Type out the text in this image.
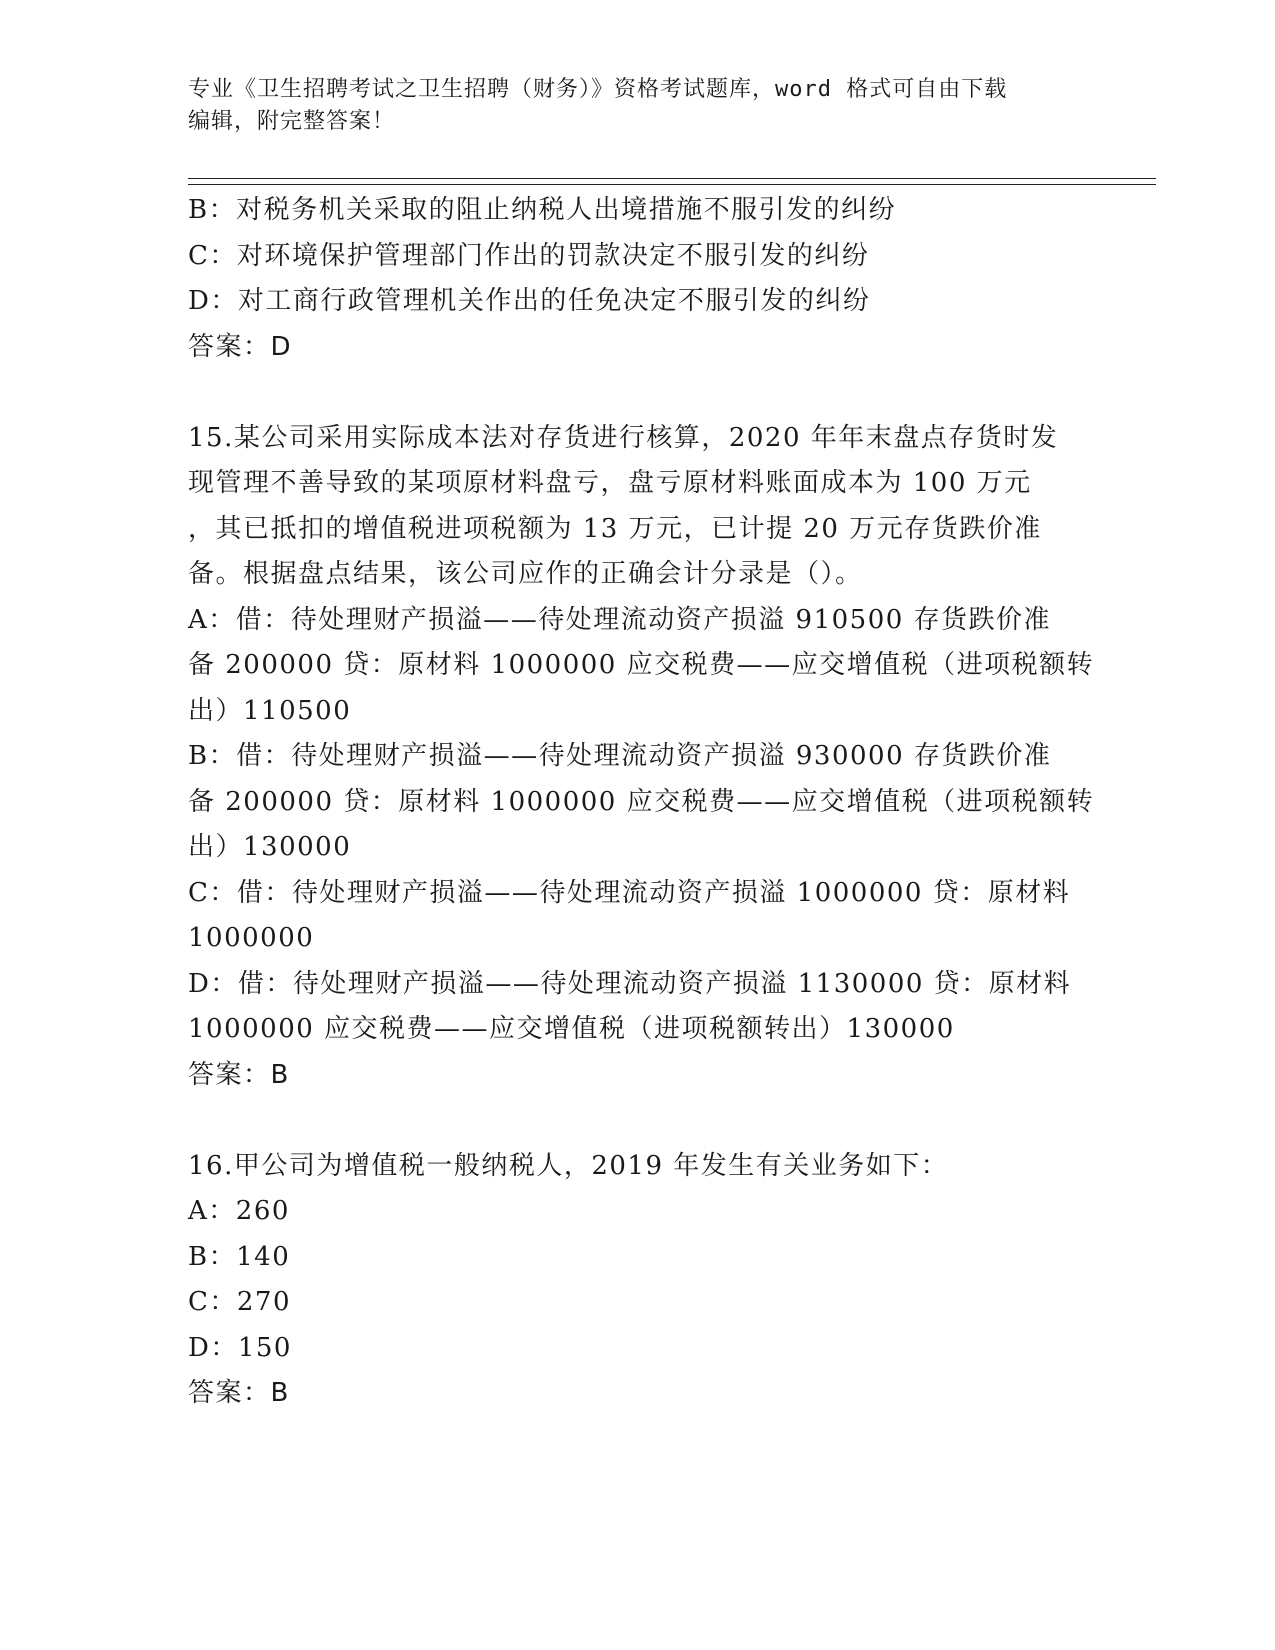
专业《卫生招聘考试之卫生招聘（财务）》资格考试题库，word 格式可自由下载
编辑，附完整答案！
B：对税务机关采取的阻止纳税人出境措施不服引发的纠纷
C：对环境保护管理部门作出的罚款决定不服引发的纠纷
D：对工商行政管理机关作出的任免决定不服引发的纠纷
答案：D
15.某公司采用实际成本法对存货进行核算，2020 年年末盘点存货时发
现管理不善导致的某项原材料盘亏，盘亏原材料账面成本为 100 万元
，其已抵扣的增值税进项税额为 13 万元，已计提 20 万元存货跌价准
备。根据盘点结果，该公司应作的正确会计分录是（）。
A：借：待处理财产损溢——待处理流动资产损溢 910500 存货跌价准
备 200000 贷：原材料 1000000 应交税费——应交增值税（进项税额转
出）110500
B：借：待处理财产损溢——待处理流动资产损溢 930000 存货跌价准
备 200000 贷：原材料 1000000 应交税费——应交增值税（进项税额转
出）130000
C：借：待处理财产损溢——待处理流动资产损溢 1000000 贷：原材料
1000000
D：借：待处理财产损溢——待处理流动资产损溢 1130000 贷：原材料
1000000 应交税费——应交增值税（进项税额转出）130000
答案：B
16.甲公司为增值税一般纳税人，2019 年发生有关业务如下：
A：260
B：140
C：270
D：150
答案：B
